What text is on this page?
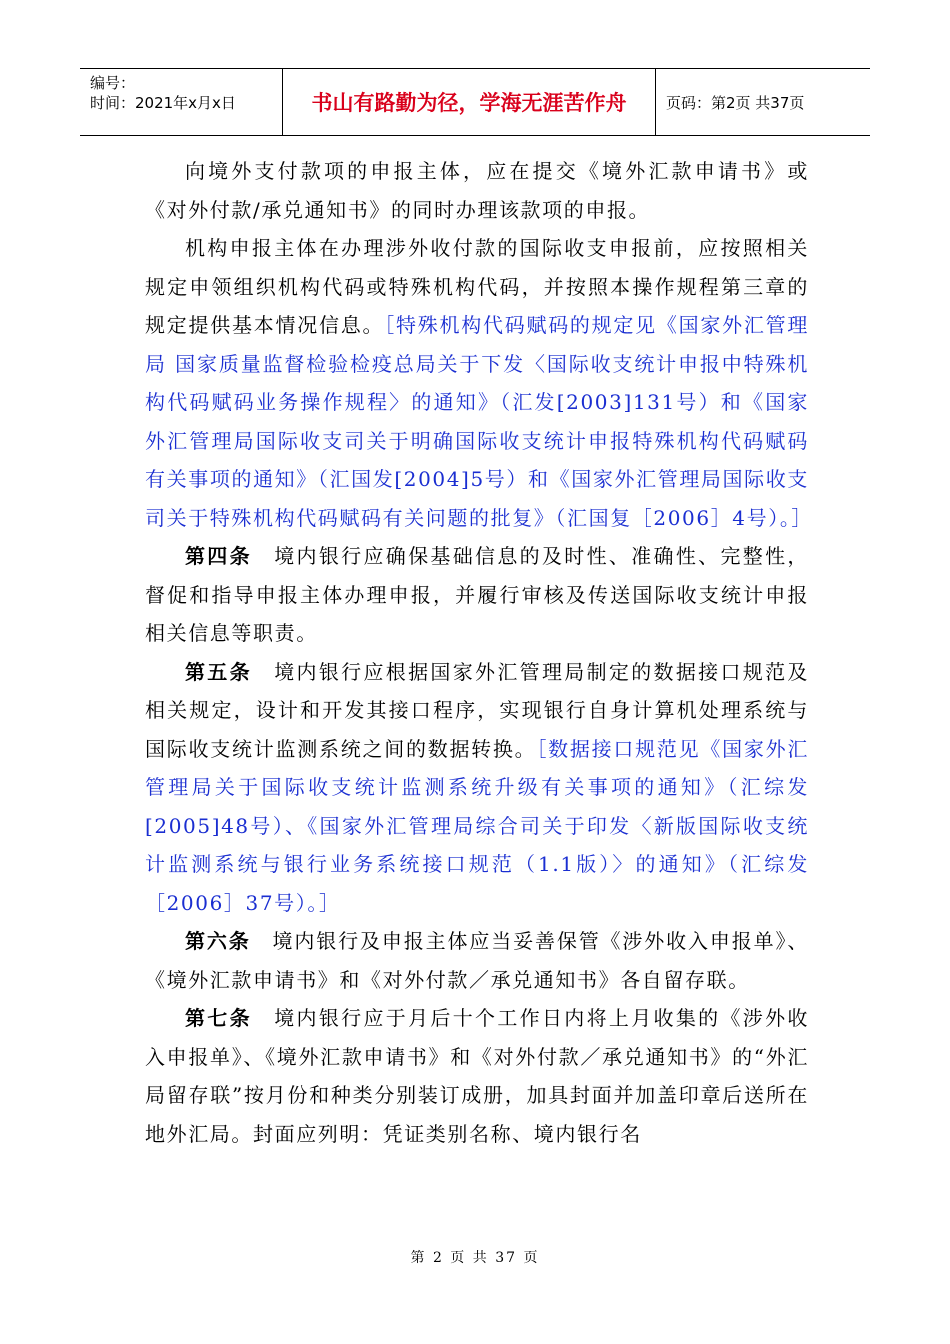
编号：
时间：2021年x月x日	书山有路勤为径，学海无涯苦作舟	页码：第2页 共37页

向境外支付款项的申报主体，应在提交《境外汇款申请书》或《对外付款/承兑通知书》的同时办理该款项的申报。

机构申报主体在办理涉外收付款的国际收支申报前，应按照相关规定申领组织机构代码或特殊机构代码，并按照本操作规程第三章的规定提供基本情况信息。［特殊机构代码赋码的规定见《国家外汇管理局 国家质量监督检验检疫总局关于下发〈国际收支统计申报中特殊机构代码赋码业务操作规程〉的通知》（汇发[2003]131号）和《国家外汇管理局国际收支司关于明确国际收支统计申报特殊机构代码赋码有关事项的通知》（汇国发[2004]5号）和《国家外汇管理局国际收支司关于特殊机构代码赋码有关问题的批复》（汇国复［2006］4号）。］

第四条　 境内银行应确保基础信息的及时性、准确性、完整性，督促和指导申报主体办理申报，并履行审核及传送国际收支统计申报相关信息等职责。

第五条　 境内银行应根据国家外汇管理局制定的数据接口规范及相关规定，设计和开发其接口程序，实现银行自身计算机处理系统与国际收支统计监测系统之间的数据转换。［数据接口规范见《国家外汇管理局关于国际收支统计监测系统升级有关事项的通知》（汇综发[2005]48号）、《国家外汇管理局综合司关于印发〈新版国际收支统计监测系统与银行业务系统接口规范（1.1版）〉的通知》（汇综发［2006］37号）。］

第六条　 境内银行及申报主体应当妥善保管《涉外收入申报单》、《境外汇款申请书》和《对外付款／承兑通知书》各自留存联。

第七条　 境内银行应于月后十个工作日内将上月收集的《涉外收入申报单》、《境外汇款申请书》和《对外付款／承兑通知书》的“外汇局留存联”按月份和种类分别装订成册，加具封面并加盖印章后送所在地外汇局。封面应列明：凭证类别名称、境内银行名

第 2 页 共 37 页
